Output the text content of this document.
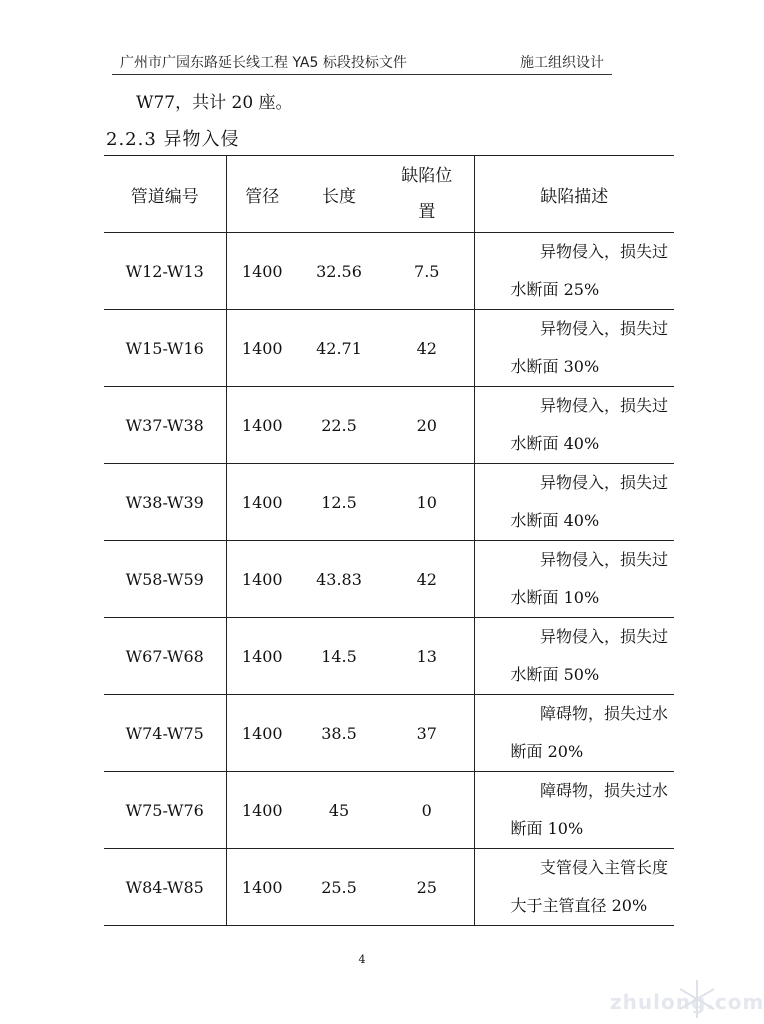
广州市广园东路延长线工程 YA5 标段投标文件	施工组织设计
W77，共计 20 座。
2.2.3 异物入侵
管道编号	管径	长度	缺陷位置	缺陷描述
W12-W13	1400	32.56	7.5	异物侵入，损失过
水断面 25%

W15-W16	1400	42.71	42	异物侵入，损失过
水断面 30%

W37-W38	1400	22.5	20	异物侵入，损失过
水断面 40%

W38-W39	1400	12.5	10	异物侵入，损失过
水断面 40%

W58-W59	1400	43.83	42	异物侵入，损失过
水断面 10%

W67-W68	1400	14.5	13	异物侵入，损失过
水断面 50%

W74-W75	1400	38.5	37	障碍物，损失过水
断面 20%

W75-W76	1400	45	0	障碍物，损失过水
断面 10%

W84-W85	1400	25.5	25	支管侵入主管长度
大于主管直径 20%
4
zhulong.com
